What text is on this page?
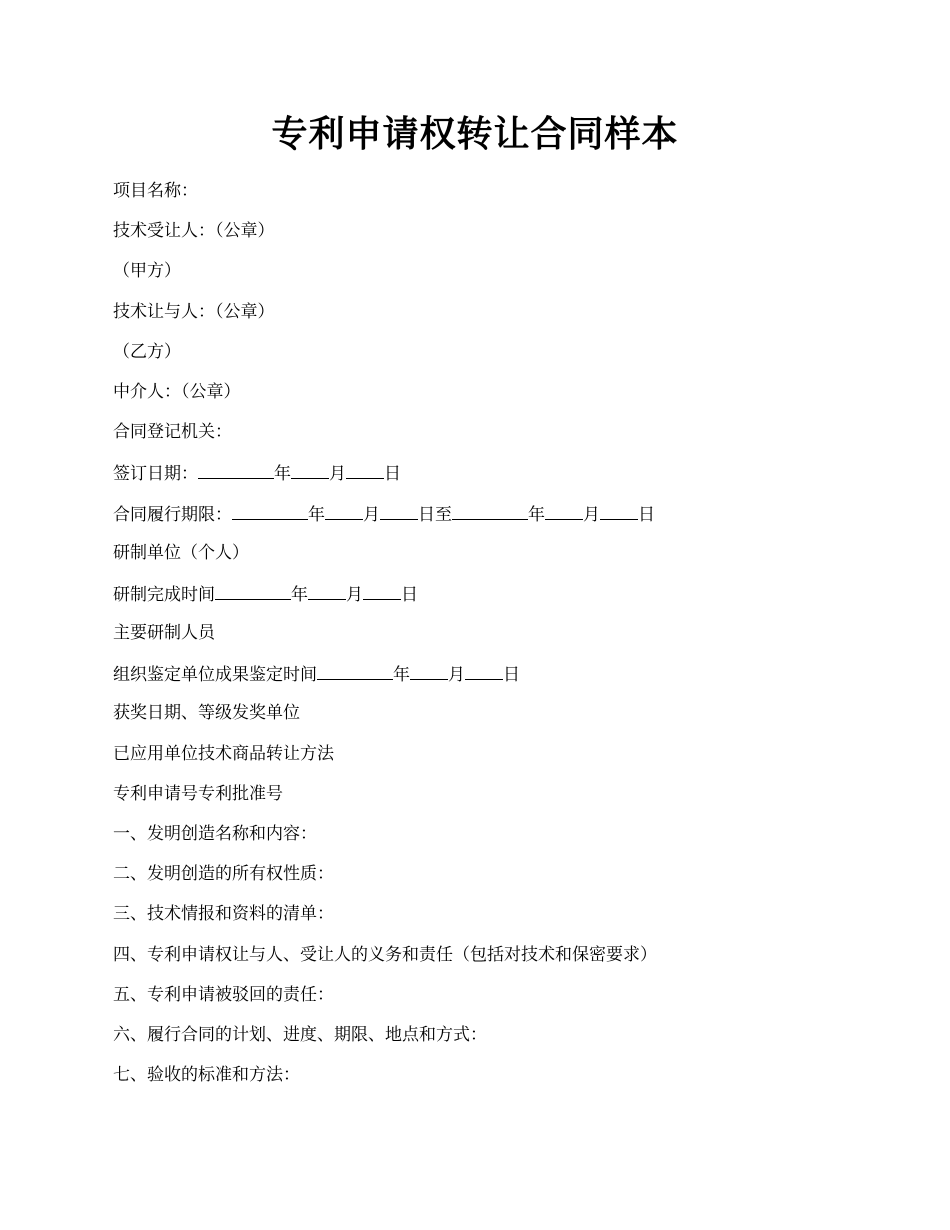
专利申请权转让合同样本
项目名称：
技术受让人：（公章）
（甲方）
技术让与人：（公章）
（乙方）
中介人：（公章）
合同登记机关：
签订日期：	年 月 日
合同履行期限：	年 月 日至	年 月 日
研制单位（个人）
研制完成时间	年 月 日
主要研制人员
组织鉴定单位成果鉴定时间	年 月 日
获奖日期、等级发奖单位
已应用单位技术商品转让方法
专利申请号专利批准号
一、发明创造名称和内容：
二、发明创造的所有权性质：
三、技术情报和资料的清单：
四、专利申请权让与人、受让人的义务和责任（包括对技术和保密要求）
五、专利申请被驳回的责任：
六、履行合同的计划、进度、期限、地点和方式：
七、验收的标准和方法：
